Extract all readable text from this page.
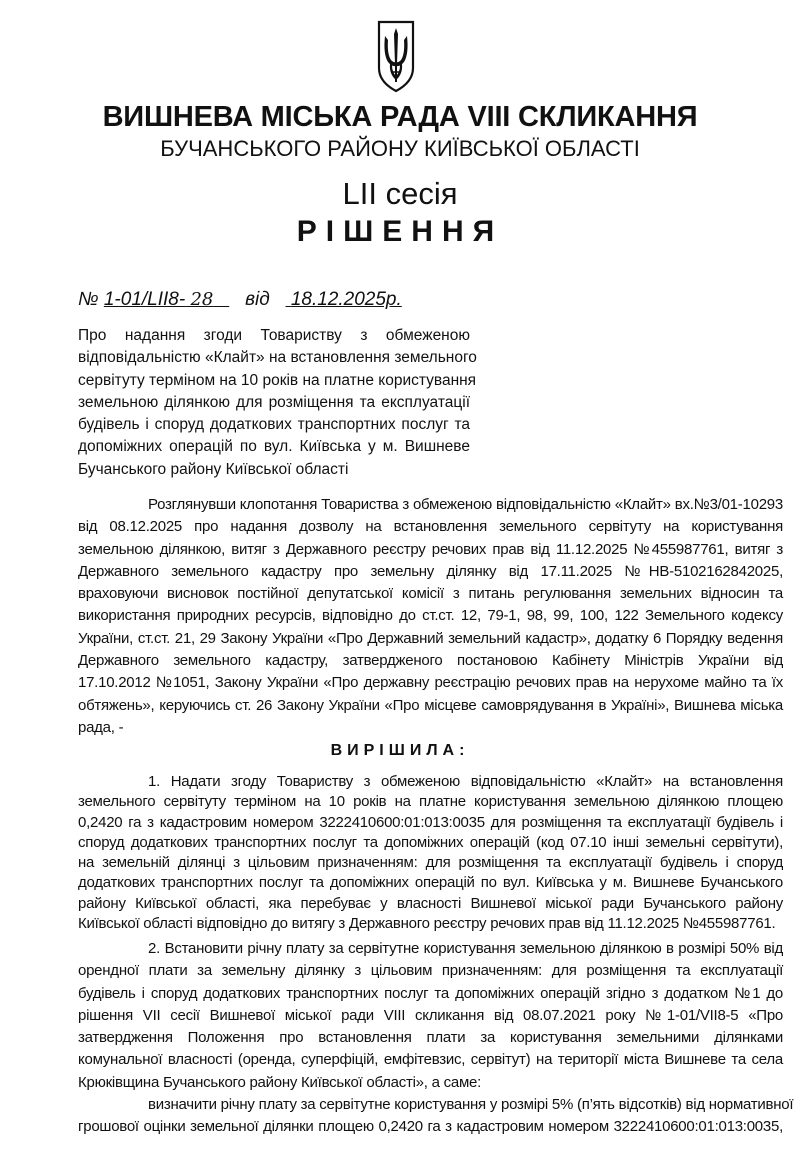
ВИШНЕВА МІСЬКА РАДА VIII СКЛИКАННЯ
БУЧАНСЬКОГО РАЙОНУ КИЇВСЬКОЇ ОБЛАСТІ
LII сесія
РІШЕННЯ
№ 1-01/LII8- 28 від 18.12.2025р.
Про надання згоди Товариству з обмеженою
відповідальністю «Клайт» на встановлення земельного
сервітуту терміном на 10 років на платне користування
земельною ділянкою для розміщення та експлуатації
будівель і споруд додаткових транспортних послуг та
допоміжних операцій по вул. Київська у м. Вишневе
Бучанського району Київської області
Розглянувши клопотання Товариства з обмеженою відповідальністю «Клайт» вх.№3/01-10293
від 08.12.2025 про надання дозволу на встановлення земельного сервітуту на користування
земельною ділянкою, витяг з Державного реєстру речових прав від 11.12.2025 №455987761, витяг з
Державного земельного кадастру про земельну ділянку від 17.11.2025 №НВ-5102162842025,
враховуючи висновок постійної депутатської комісії з питань регулювання земельних відносин та
використання природних ресурсів, відповідно до ст.ст. 12, 79-1, 98, 99, 100, 122 Земельного кодексу
України, ст.ст. 21, 29 Закону України «Про Державний земельний кадастр», додатку 6 Порядку ведення
Державного земельного кадастру, затвердженого постановою Кабінету Міністрів України від
17.10.2012 №1051, Закону України «Про державну реєстрацію речових прав на нерухоме майно та їх
обтяжень», керуючись ст. 26 Закону України «Про місцеве самоврядування в Україні», Вишнева міська
рада, -
ВИРІШИЛА:
1. Надати згоду Товариству з обмеженою відповідальністю «Клайт» на встановлення
земельного сервітуту терміном на 10 років на платне користування земельною ділянкою площею
0,2420 га з кадастровим номером 3222410600:01:013:0035 для розміщення та експлуатації будівель і
споруд додаткових транспортних послуг та допоміжних операцій (код 07.10 інші земельні сервітути),
на земельній ділянці з цільовим призначенням: для розміщення та експлуатації будівель і споруд
додаткових транспортних послуг та допоміжних операцій по вул. Київська у м. Вишневе Бучанського
району Київської області, яка перебуває у власності Вишневої міської ради Бучанського району
Київської області відповідно до витягу з Державного реєстру речових прав від 11.12.2025 №455987761.
2. Встановити річну плату за сервітутне користування земельною ділянкою в розмірі 50% від
орендної плати за земельну ділянку з цільовим призначенням: для розміщення та експлуатації
будівель і споруд додаткових транспортних послуг та допоміжних операцій згідно з додатком №1 до
рішення VII сесії Вишневої міської ради VIII скликання від 08.07.2021 року №1-01/VII8-5 «Про
затвердження Положення про встановлення плати за користування земельними ділянками
комунальної власності (оренда, суперфіцій, емфітевзис, сервітут) на території міста Вишневе та села
Крюківщина Бучанського району Київської області», а саме:
визначити річну плату за сервітутне користування у розмірі 5% (п’ять відсотків) від нормативної
грошової оцінки земельної ділянки площею 0,2420 га з кадастровим номером 3222410600:01:013:0035,
